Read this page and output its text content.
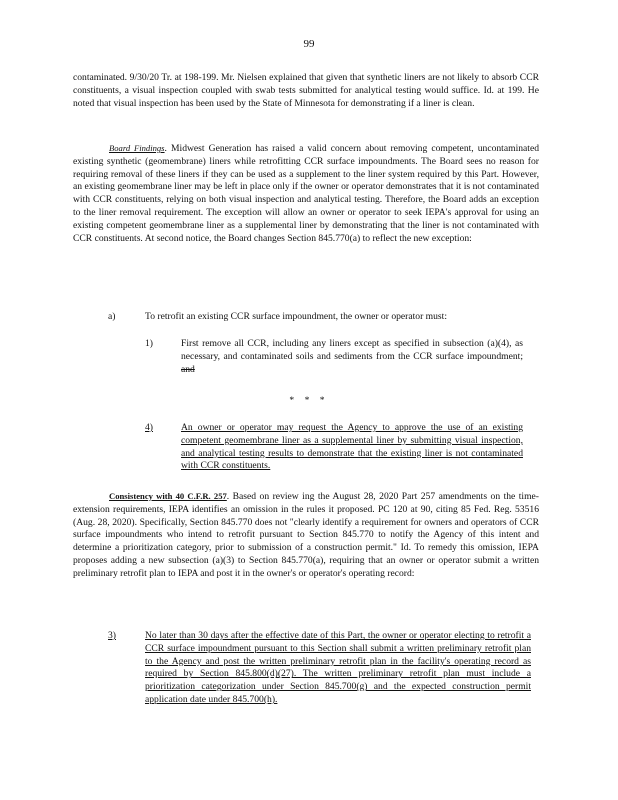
99

contaminated. 9/30/20 Tr. at 198-199. Mr. Nielsen explained that given that synthetic liners are not likely to absorb CCR constituents, a visual inspection coupled with swab tests submitted for analytical testing would suffice. Id. at 199. He noted that visual inspection has been used by the State of Minnesota for demonstrating if a liner is clean.

Board Findings. Midwest Generation has raised a valid concern about removing competent, uncontaminated existing synthetic (geomembrane) liners while retrofitting CCR surface impoundments. The Board sees no reason for requiring removal of these liners if they can be used as a supplement to the liner system required by this Part. However, an existing geomembrane liner may be left in place only if the owner or operator demonstrates that it is not contaminated with CCR constituents, relying on both visual inspection and analytical testing. Therefore, the Board adds an exception to the liner removal requirement. The exception will allow an owner or operator to seek IEPA's approval for using an existing competent geomembrane liner as a supplemental liner by demonstrating that the liner is not contaminated with CCR constituents. At second notice, the Board changes Section 845.770(a) to reflect the new exception:

a)	To retrofit an existing CCR surface impoundment, the owner or operator must:
1)	First remove all CCR, including any liners except as specified in subsection (a)(4), as necessary, and contaminated soils and sediments from the CCR surface impoundment; and

* * *
4)	An owner or operator may request the Agency to approve the use of an existing competent geomembrane liner as a supplemental liner by submitting visual inspection, and analytical testing results to demonstrate that the existing liner is not contaminated with CCR constituents.

Consistency with 40 C.F.R. 257. Based on review ing the August 28, 2020 Part 257 amendments on the time-extension requirements, IEPA identifies an omission in the rules it proposed. PC 120 at 90, citing 85 Fed. Reg. 53516 (Aug. 28, 2020). Specifically, Section 845.770 does not "clearly identify a requirement for owners and operators of CCR surface impoundments who intend to retrofit pursuant to Section 845.770 to notify the Agency of this intent and determine a prioritization category, prior to submission of a construction permit." Id. To remedy this omission, IEPA proposes adding a new subsection (a)(3) to Section 845.770(a), requiring that an owner or operator submit a written preliminary retrofit plan to IEPA and post it in the owner's or operator's operating record:

3)	No later than 30 days after the effective date of this Part, the owner or operator electing to retrofit a CCR surface impoundment pursuant to this Section shall submit a written preliminary retrofit plan to the Agency and post the written preliminary retrofit plan in the facility's operating record as required by Section 845.800(d)(27). The written preliminary retrofit plan must include a prioritization categorization under Section 845.700(g) and the expected construction permit application date under 845.700(h).
